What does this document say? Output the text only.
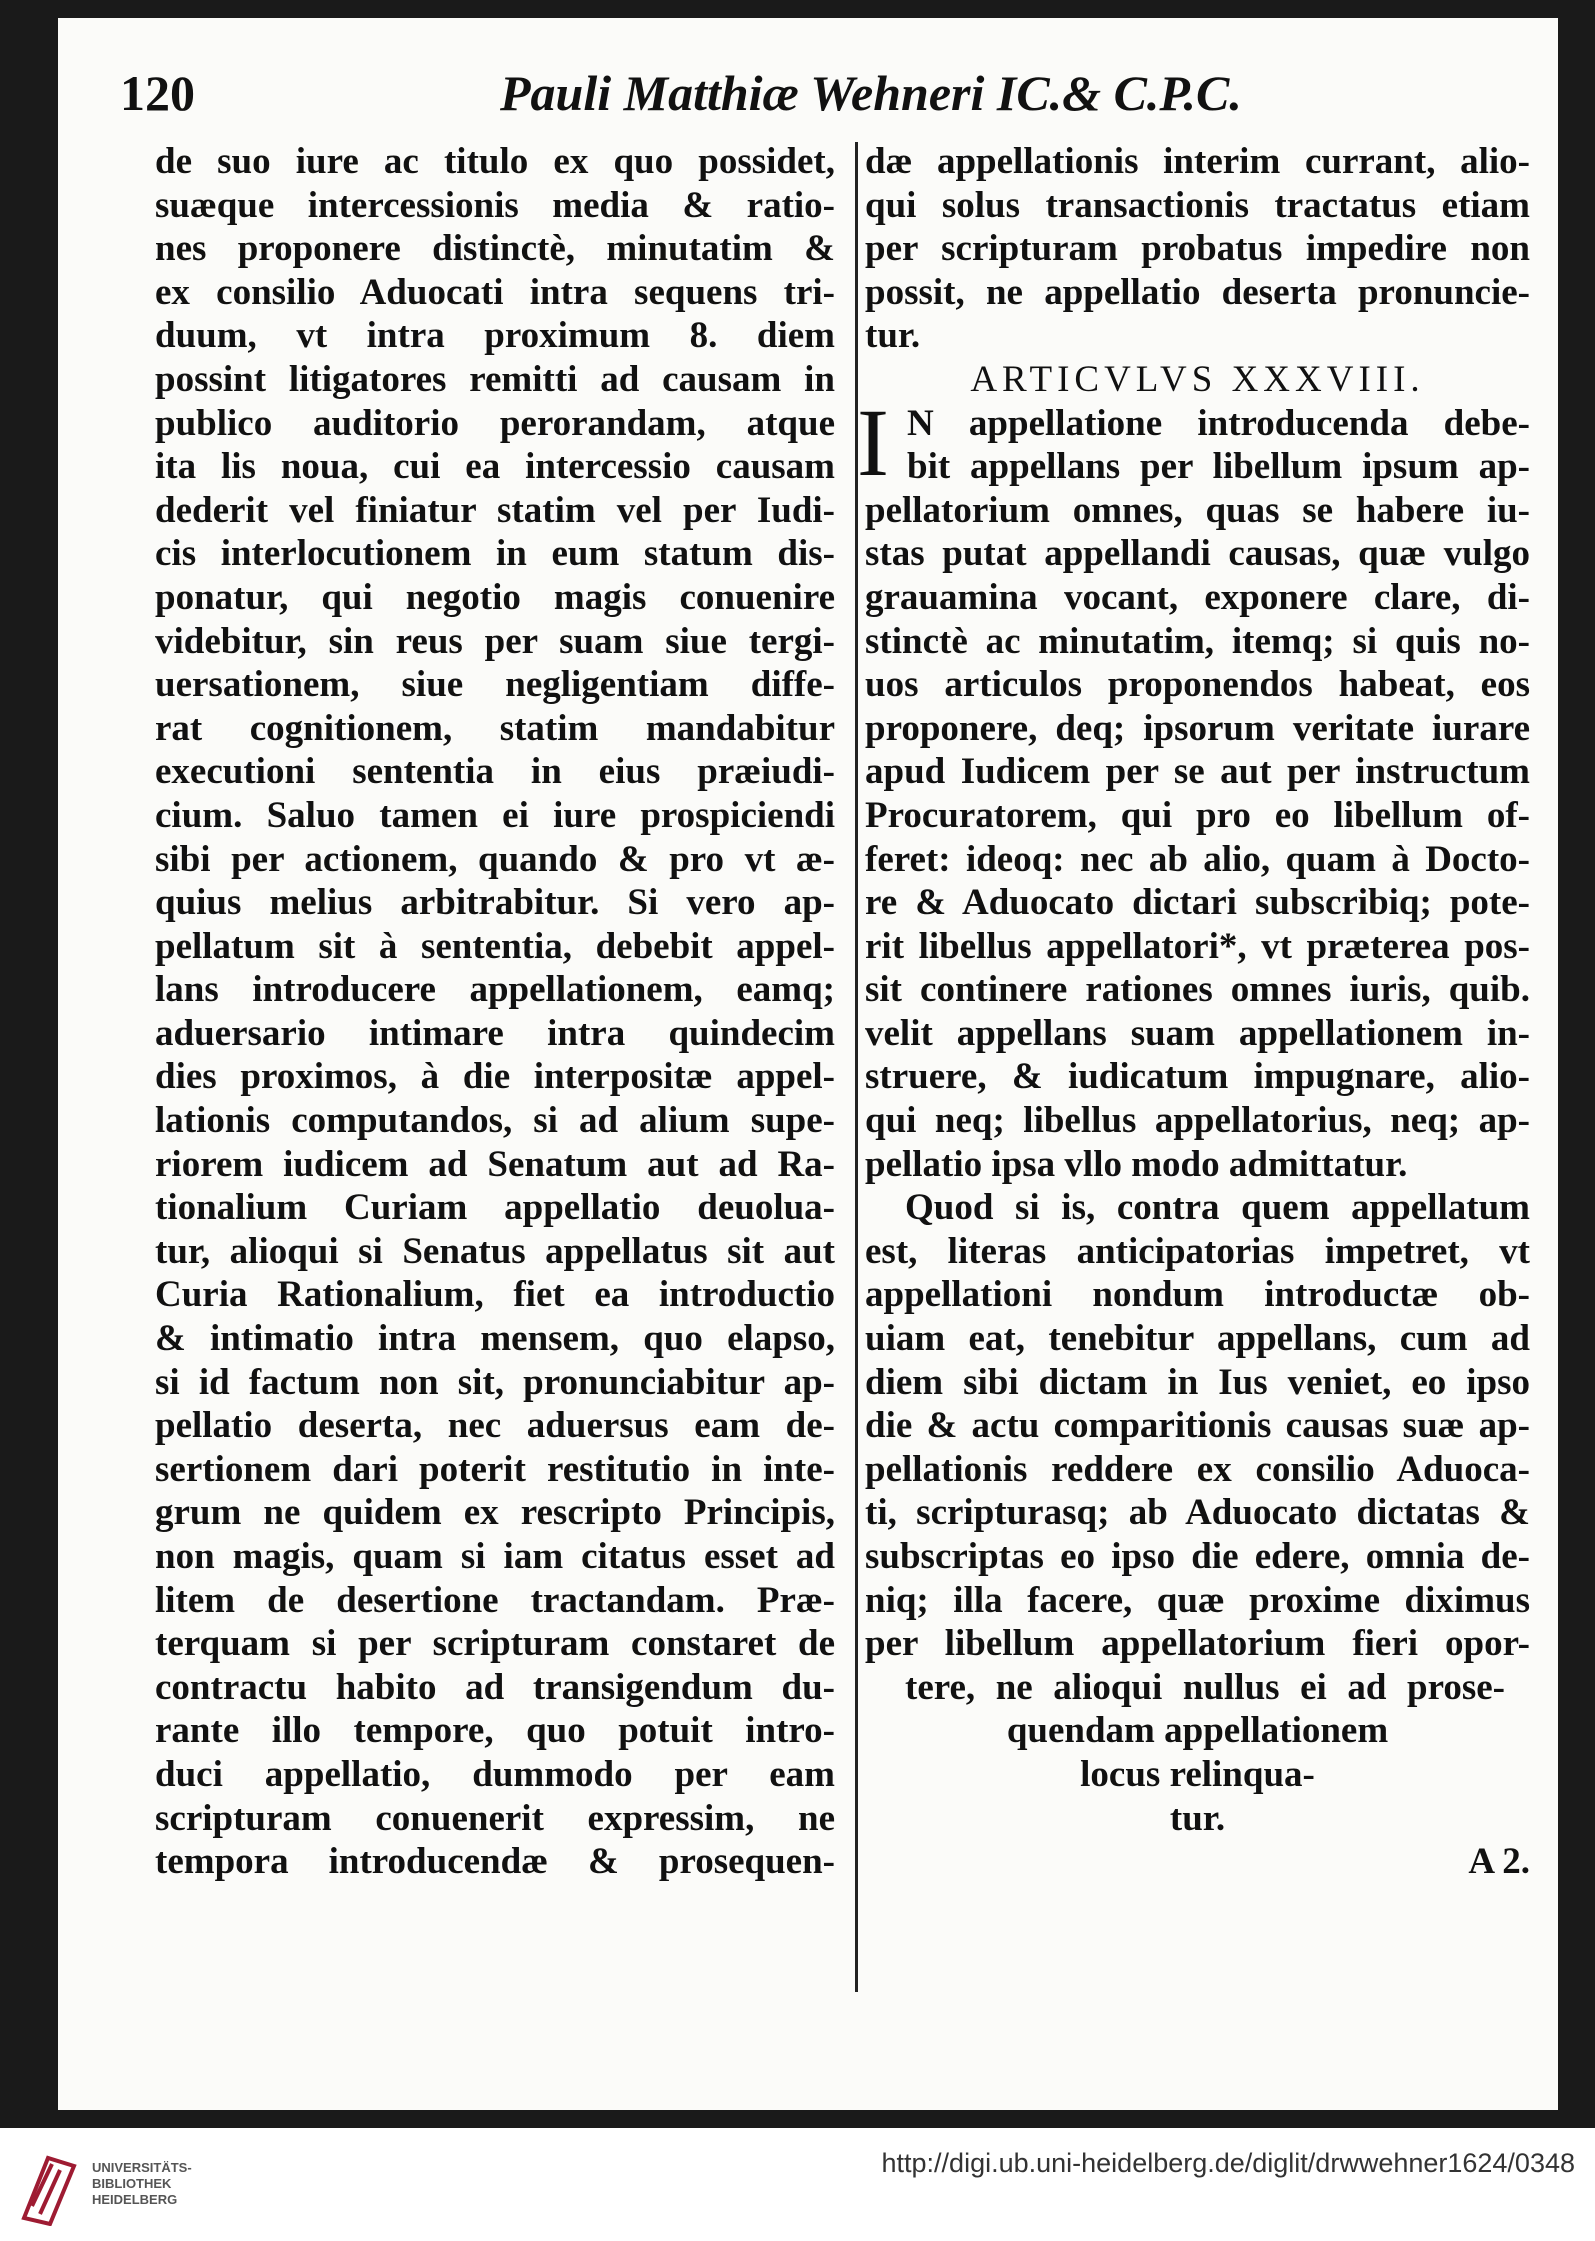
120	Pauli Matthiæ Wehneri IC.& C.P.C.
de suo iure ac titulo ex quo possidet,
suæque intercessionis media & ratio-
nes proponere distinctè, minutatim &
ex consilio Aduocati intra sequens tri-
duum, vt intra proximum 8. diem
possint litigatores remitti ad causam in
publico auditorio perorandam, atque
ita lis noua, cui ea intercessio causam
dederit vel finiatur statim vel per Iudi-
cis interlocutionem in eum statum dis-
ponatur, qui negotio magis conuenire
videbitur, sin reus per suam siue tergi-
uersationem, siue negligentiam diffe-
rat cognitionem, statim mandabitur
executioni sententia in eius præiudi-
cium. Saluo tamen ei iure prospiciendi
sibi per actionem, quando & pro vt æ-
quius melius arbitrabitur. Si vero ap-
pellatum sit à sententia, debebit appel-
lans introducere appellationem, eamq;
aduersario intimare intra quindecim
dies proximos, à die interpositæ appel-
lationis computandos, si ad alium supe-
riorem iudicem ad Senatum aut ad Ra-
tionalium Curiam appellatio deuolua-
tur, alioqui si Senatus appellatus sit aut
Curia Rationalium, fiet ea introductio
& intimatio intra mensem, quo elapso,
si id factum non sit, pronunciabitur ap-
pellatio deserta, nec aduersus eam de-
sertionem dari poterit restitutio in inte-
grum ne quidem ex rescripto Principis,
non magis, quam si iam citatus esset ad
litem de desertione tractandam. Præ-
terquam si per scripturam constaret de
contractu habito ad transigendum du-
rante illo tempore, quo potuit intro-
duci appellatio, dummodo per eam
scripturam conuenerit expressim, ne
tempora introducendæ & prosequen-
dæ appellationis interim currant, alio-
qui solus transactionis tractatus etiam
per scripturam probatus impedire non
possit, ne appellatio deserta pronuncie-
tur.
ARTICVLVS XXXVIII.
N appellatione introducenda debe-
I bit appellans per libellum ipsum ap-
pellatorium omnes, quas se habere iu-
stas putat appellandi causas, quæ vulgo
grauamina vocant, exponere clare, di-
stinctè ac minutatim, itemq; si quis no-
uos articulos proponendos habeat, eos
proponere, deq; ipsorum veritate iurare
apud Iudicem per se aut per instructum
Procuratorem, qui pro eo libellum of-
feret: ideoq: nec ab alio, quam à Docto-
re & Aduocato dictari subscribiq; pote-
rit libellus appellatori*, vt præterea pos-
sit continere rationes omnes iuris, quib.
velit appellans suam appellationem in-
struere, & iudicatum impugnare, alio-
qui neq; libellus appellatorius, neq; ap-
pellatio ipsa vllo modo admittatur.
Quod si is, contra quem appellatum
est, literas anticipatorias impetret, vt
appellationi nondum introductæ ob-
uiam eat, tenebitur appellans, cum ad
diem sibi dictam in Ius veniet, eo ipso
die & actu comparitionis causas suæ ap-
pellationis reddere ex consilio Aduoca-
ti, scripturasq; ab Aduocato dictatas &
subscriptas eo ipso die edere, omnia de-
niq; illa facere, quæ proxime diximus
per libellum appellatorium fieri opor-
tere, ne alioqui nullus ei ad prose-
quendam appellationem
locus relinqua-
tur.
A 2.
UNIVERSITÄTS-
BIBLIOTHEK
HEIDELBERG
http://digi.ub.uni-heidelberg.de/diglit/drwwehner1624/0348
